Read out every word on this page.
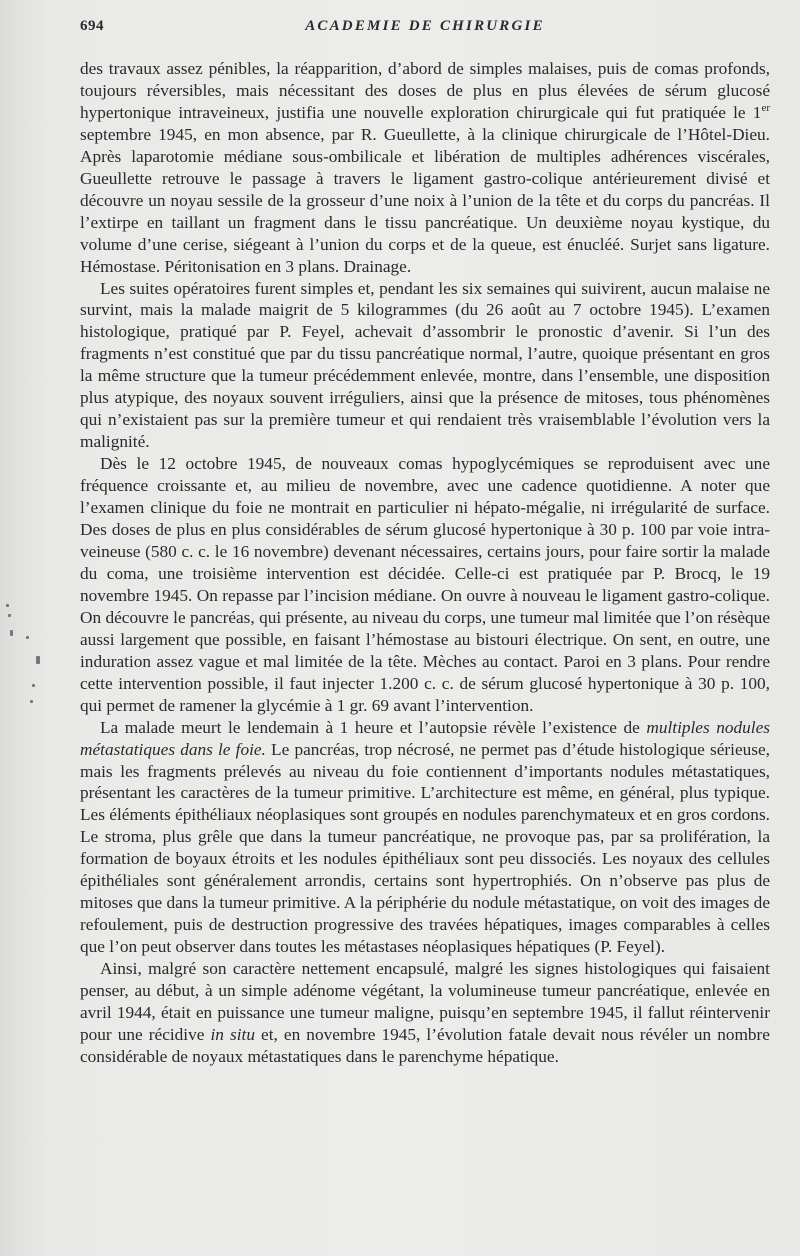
694	ACADEMIE DE CHIRURGIE

des travaux assez pénibles, la réapparition, d’abord de simples malaises, puis de comas profonds, toujours réversibles, mais nécessitant des doses de plus en plus élevées de sérum glucosé hypertonique intraveineux, justifia une nouvelle exploration chirurgicale qui fut pratiquée le 1er septembre 1945, en mon absence, par R. Gueullette, à la clinique chirurgicale de l’Hôtel-Dieu. Après laparotomie médiane sous-ombilicale et libération de multiples adhérences viscérales, Gueullette retrouve le passage à travers le ligament gastro-colique antérieurement divisé et découvre un noyau sessile de la grosseur d’une noix à l’union de la tête et du corps du pancréas. Il l’extirpe en taillant un fragment dans le tissu pancréatique. Un deuxième noyau kystique, du volume d’une cerise, siégeant à l’union du corps et de la queue, est énucléé. Surjet sans ligature. Hémostase. Péritonisation en 3 plans. Drainage.

Les suites opératoires furent simples et, pendant les six semaines qui suivirent, aucun malaise ne survint, mais la malade maigrit de 5 kilogrammes (du 26 août au 7 octobre 1945). L’examen histologique, pratiqué par P. Feyel, achevait d’assombrir le pronostic d’avenir. Si l’un des fragments n’est constitué que par du tissu pancréatique normal, l’autre, quoique présentant en gros la même structure que la tumeur précédemment enlevée, montre, dans l’ensemble, une disposition plus atypique, des noyaux souvent irréguliers, ainsi que la présence de mitoses, tous phénomènes qui n’existaient pas sur la première tumeur et qui rendaient très vraisemblable l’évolution vers la malignité.

Dès le 12 octobre 1945, de nouveaux comas hypoglycémiques se reproduisent avec une fréquence croissante et, au milieu de novembre, avec une cadence quotidienne. A noter que l’examen clinique du foie ne montrait en particulier ni hépato-mégalie, ni irrégularité de surface. Des doses de plus en plus considérables de sérum glucosé hypertonique à 30 p. 100 par voie intra-veineuse (580 c. c. le 16 novembre) devenant nécessaires, certains jours, pour faire sortir la malade du coma, une troisième intervention est décidée. Celle-ci est pratiquée par P. Brocq, le 19 novembre 1945. On repasse par l’incision médiane. On ouvre à nouveau le ligament gastro-colique. On découvre le pancréas, qui présente, au niveau du corps, une tumeur mal limitée que l’on résèque aussi largement que possible, en faisant l’hémostase au bistouri électrique. On sent, en outre, une induration assez vague et mal limitée de la tête. Mèches au contact. Paroi en 3 plans. Pour rendre cette intervention possible, il faut injecter 1.200 c. c. de sérum glucosé hypertonique à 30 p. 100, qui permet de ramener la glycémie à 1 gr. 69 avant l’intervention.

La malade meurt le lendemain à 1 heure et l’autopsie révèle l’existence de multiples nodules métastatiques dans le foie. Le pancréas, trop nécrosé, ne permet pas d’étude histologique sérieuse, mais les fragments prélevés au niveau du foie contiennent d’importants nodules métastatiques, présentant les caractères de la tumeur primitive. L’architecture est même, en général, plus typique. Les éléments épithéliaux néoplasiques sont groupés en nodules parenchymateux et en gros cordons. Le stroma, plus grêle que dans la tumeur pancréatique, ne provoque pas, par sa prolifération, la formation de boyaux étroits et les nodules épithéliaux sont peu dissociés. Les noyaux des cellules épithéliales sont généralement arrondis, certains sont hypertrophiés. On n’observe pas plus de mitoses que dans la tumeur primitive. A la périphérie du nodule métastatique, on voit des images de refoulement, puis de destruction progressive des travées hépatiques, images comparables à celles que l’on peut observer dans toutes les métastases néoplasiques hépatiques (P. Feyel).

Ainsi, malgré son caractère nettement encapsulé, malgré les signes histologiques qui faisaient penser, au début, à un simple adénome végétant, la volumineuse tumeur pancréatique, enlevée en avril 1944, était en puissance une tumeur maligne, puisqu’en septembre 1945, il fallut réintervenir pour une récidive in situ et, en novembre 1945, l’évolution fatale devait nous révéler un nombre considérable de noyaux métastatiques dans le parenchyme hépatique.
